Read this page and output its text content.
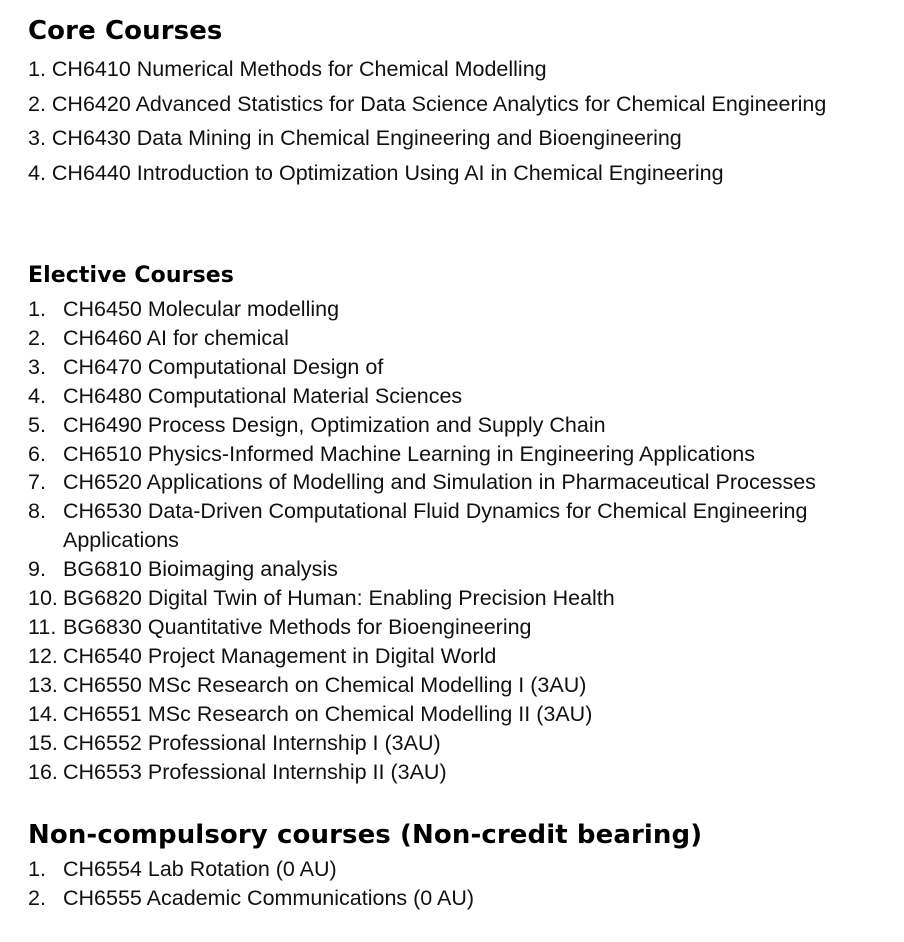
Core Courses
1. CH6410 Numerical Methods for Chemical Modelling
2. CH6420 Advanced Statistics for Data Science Analytics for Chemical Engineering
3. CH6430 Data Mining in Chemical Engineering and Bioengineering
4. CH6440 Introduction to Optimization Using AI in Chemical Engineering
Elective Courses
1. CH6450 Molecular modelling
2. CH6460 AI for chemical
3. CH6470 Computational Design of
4. CH6480 Computational Material Sciences
5. CH6490 Process Design, Optimization and Supply Chain
6. CH6510 Physics-Informed Machine Learning in Engineering Applications
7. CH6520 Applications of Modelling and Simulation in Pharmaceutical Processes
8. CH6530 Data-Driven Computational Fluid Dynamics for Chemical Engineering Applications
9. BG6810 Bioimaging analysis
10. BG6820 Digital Twin of Human: Enabling Precision Health
11. BG6830 Quantitative Methods for Bioengineering
12. CH6540 Project Management in Digital World
13. CH6550 MSc Research on Chemical Modelling I (3AU)
14. CH6551 MSc Research on Chemical Modelling II (3AU)
15. CH6552 Professional Internship I (3AU)
16. CH6553 Professional Internship II (3AU)
Non-compulsory courses (Non-credit bearing)
1. CH6554 Lab Rotation (0 AU)
2. CH6555 Academic Communications (0 AU)
